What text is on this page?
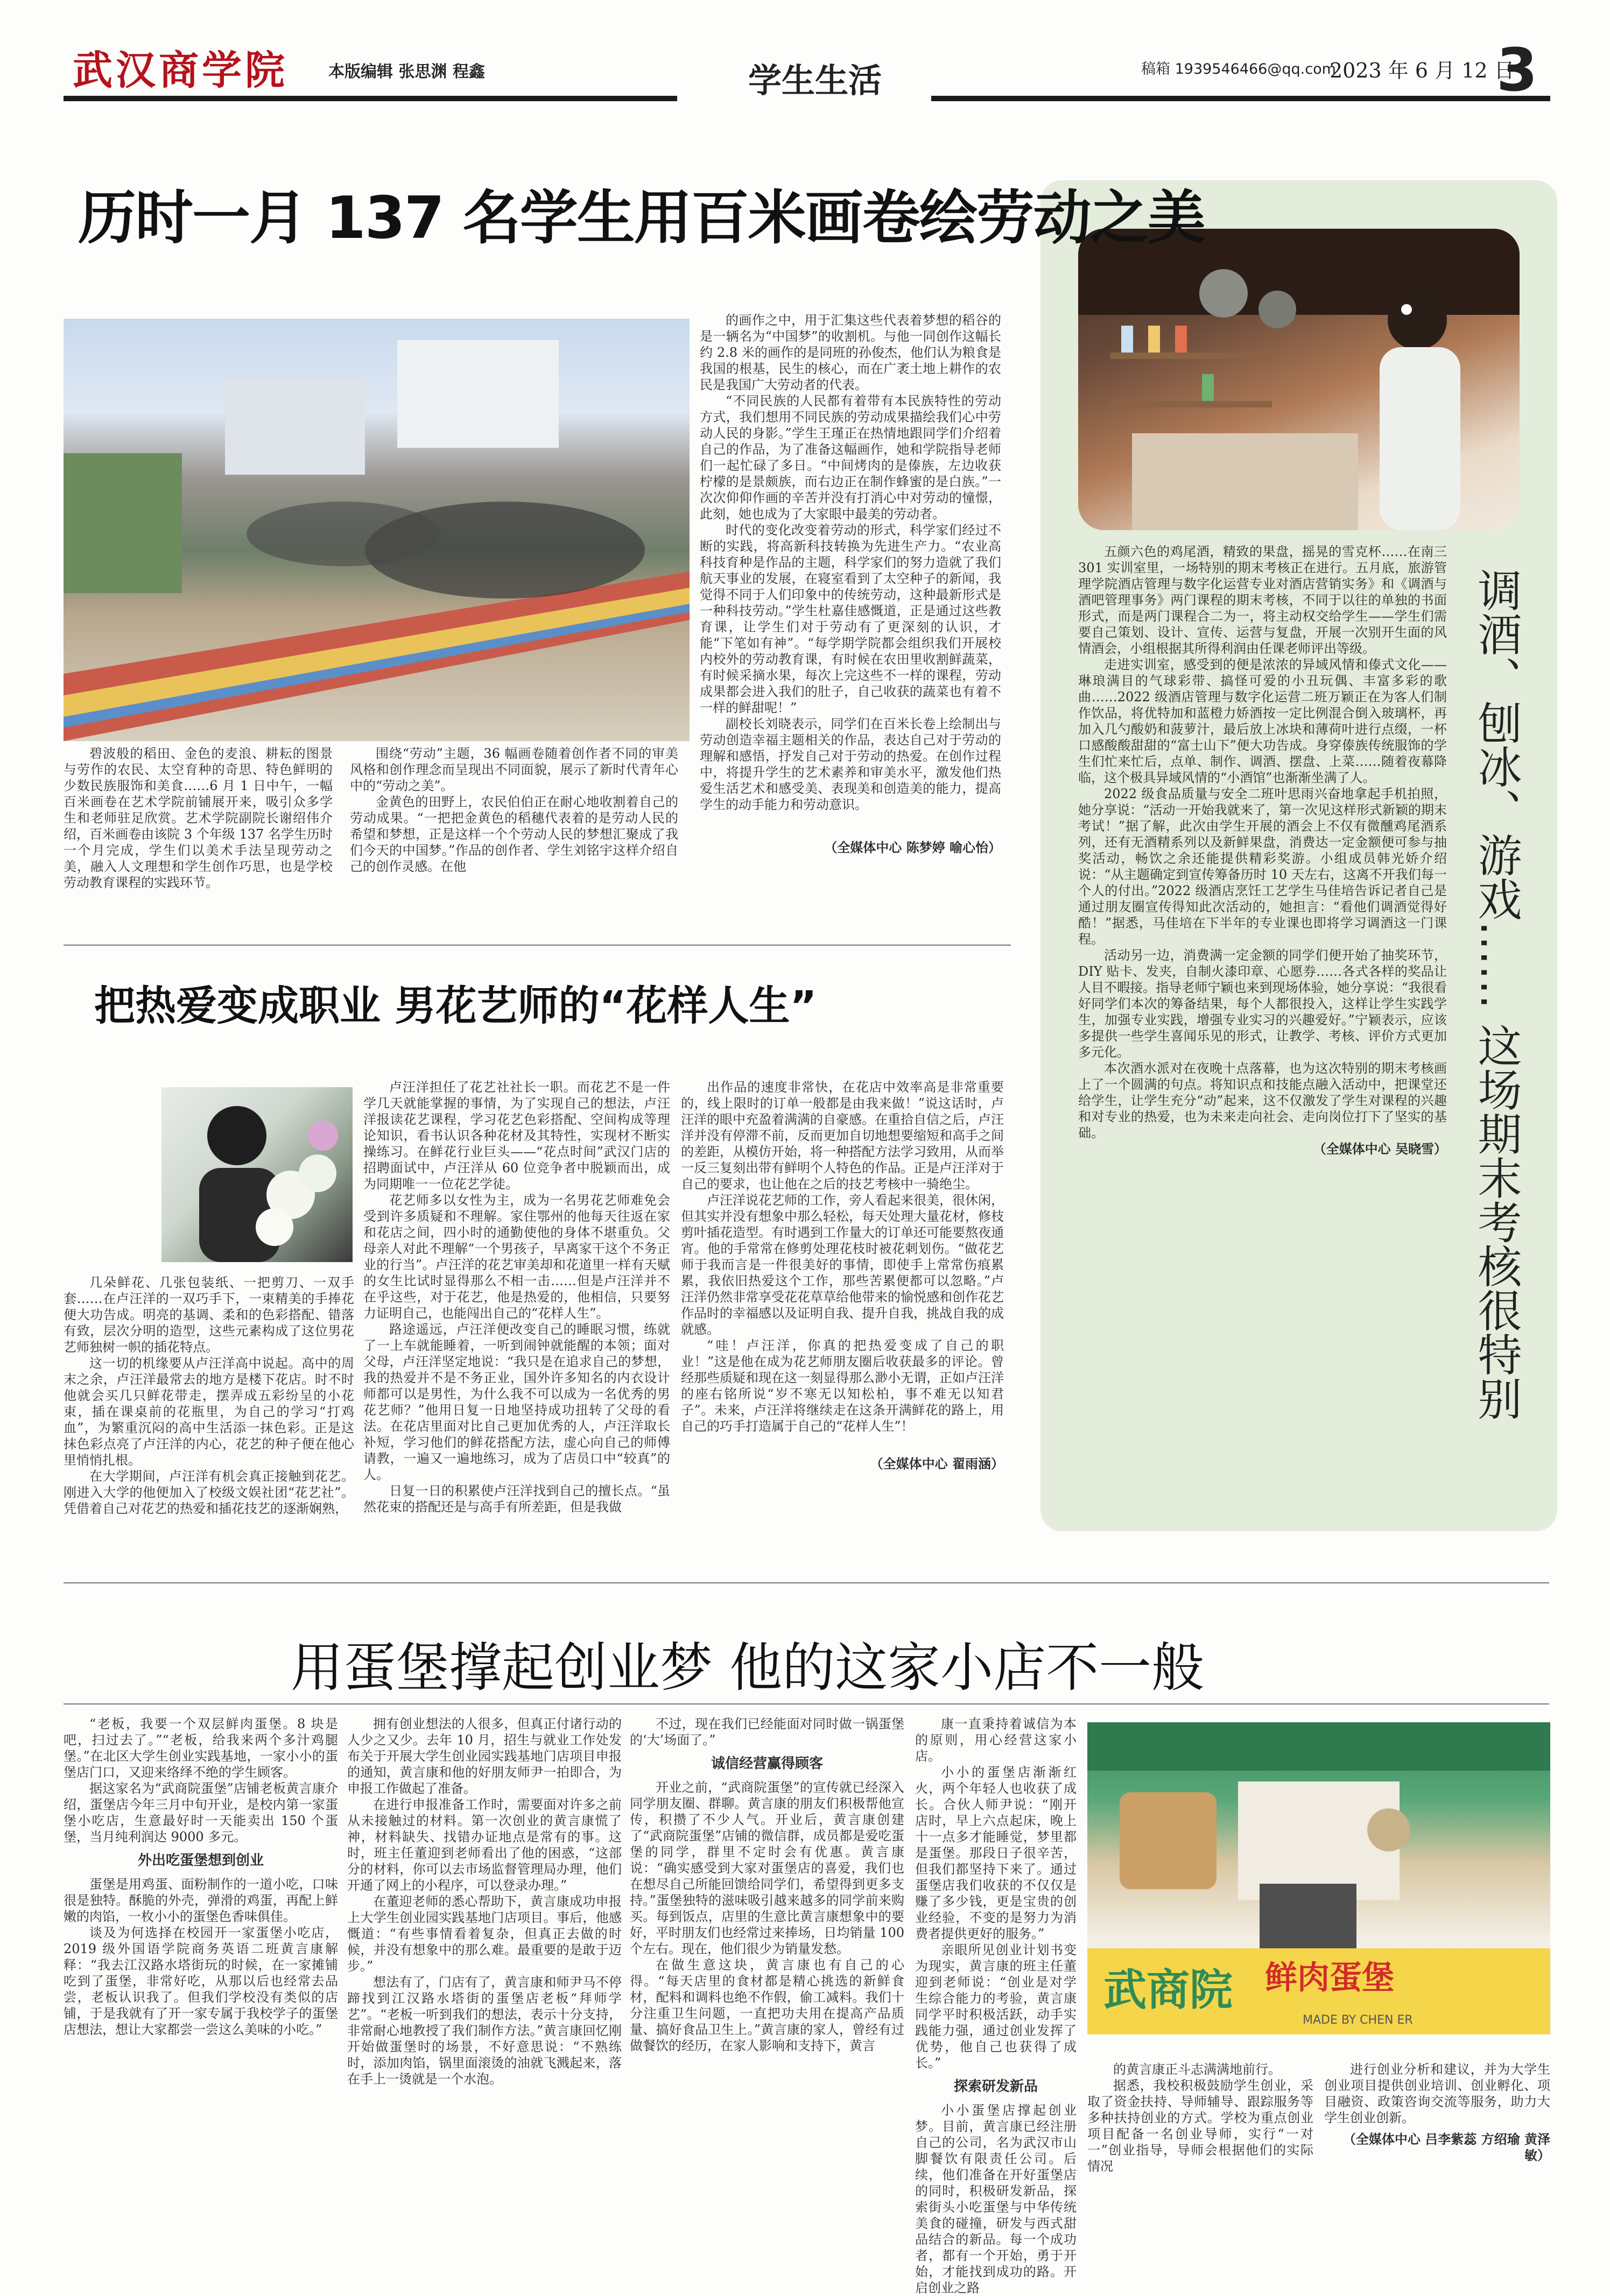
武汉商学院	本版编辑 张思渊 程鑫	学生生活	稿箱 1939546466@qq.com
2023 年 6 月 12 日
3
调酒、刨冰、游戏…… 这场期末考核很特别

五颜六色的鸡尾酒，精致的果盘，摇晃的雪克杯……在南三 301 实训室里，一场特别的期末考核正在进行。五月底，旅游管理学院酒店管理与数字化运营专业对酒店营销实务》和《调酒与酒吧管理事务》两门课程的期末考核，不同于以往的单独的书面形式，而是两门课程合二为一，将主动权交给学生——学生们需要自己策划、设计、宣传、运营与复盘，开展一次别开生面的风情酒会，小组根据其所得利润由任课老师评出等级。

走进实训室，感受到的便是浓浓的异域风情和傣式文化——琳琅满目的气球彩带、搞怪可爱的小丑玩偶、丰富多彩的歌曲……2022 级酒店管理与数字化运营二班万颖正在为客人们制作饮品，将优特加和蓝橙力娇酒按一定比例混合倒入玻璃杯，再加入几勺酸奶和菠萝汁，最后放上冰块和薄荷叶进行点缀，一杯口感酸酸甜甜的“富士山下”便大功告成。身穿傣族传统服饰的学生们忙来忙后，点单、制作、调酒、摆盘、上菜……随着夜幕降临，这个极具异域风情的“小酒馆”也渐渐坐满了人。

2022 级食品质量与安全二班叶思雨兴奋地拿起手机拍照，她分享说：“活动一开始我就来了，第一次见这样形式新颖的期末考试！”据了解，此次由学生开展的酒会上不仅有微醺鸡尾酒系列，还有无酒精系列以及新鲜果盘，消费达一定金额便可参与抽奖活动，畅饮之余还能提供精彩奖游。小组成员韩光娇介绍说：“从主题确定到宣传筹备历时 10 天左右，这离不开我们每一个人的付出。”2022 级酒店烹饪工艺学生马佳培告诉记者自己是通过朋友圈宣传得知此次活动的，她担言：“看他们调酒觉得好酷！”据悉，马佳培在下半年的专业课也即将学习调酒这一门课程。

活动另一边，消费满一定金额的同学们便开始了抽奖环节，DIY 贴卡、发夹，自制火漆印章、心愿券……各式各样的奖品让人目不暇接。指导老师宁颖也来到现场体验，她分享说：“我很看好同学们本次的筹备结果，每个人都很投入，这样让学生实践学生，加强专业实践，增强专业实习的兴趣爱好。”宁颖表示，应该多提供一些学生喜闻乐见的形式，让教学、考核、评价方式更加多元化。

本次酒水派对在夜晚十点落幕，也为这次特别的期末考核画上了一个圆满的句点。将知识点和技能点融入活动中，把课堂还给学生，让学生充分“动”起来，这不仅激发了学生对课程的兴趣和对专业的热爱，也为未来走向社会、走向岗位打下了坚实的基础。

（全媒体中心 吴晓雪）
历时一月 137 名学生用百米画卷绘劳动之美

碧波般的稻田、金色的麦浪、耕耘的图景与劳作的农民、太空育种的奇思、特色鲜明的少数民族服饰和美食……6 月 1 日中午，一幅百米画卷在艺术学院前铺展开来，吸引众多学生和老师驻足欣赏。艺术学院副院长谢绍伟介绍，百米画卷由该院 3 个年级 137 名学生历时一个月完成，学生们以美术手法呈现劳动之美，融入人文理想和学生创作巧思，也是学校劳动教育课程的实践环节。

围绕“劳动”主题，36 幅画卷随着创作者不同的审美风格和创作理念而呈现出不同面貌，展示了新时代青年心中的“劳动之美”。

金黄色的田野上，农民伯伯正在耐心地收割着自己的劳动成果。“一把把金黄色的稻穗代表着的是劳动人民的希望和梦想，正是这样一个个劳动人民的梦想汇聚成了我们今天的中国梦。”作品的创作者、学生刘铭宇这样介绍自己的创作灵感。在他

的画作之中，用于汇集这些代表着梦想的稻谷的是一辆名为“中国梦”的收割机。与他一同创作这幅长约 2.8 米的画作的是同班的孙俊杰，他们认为粮食是我国的根基，民生的核心，而在广袤土地上耕作的农民是我国广大劳动者的代表。

“不同民族的人民都有着带有本民族特性的劳动方式，我们想用不同民族的劳动成果描绘我们心中劳动人民的身影。”学生王瑾正在热情地跟同学们介绍着自己的作品，为了准备这幅画作，她和学院指导老师们一起忙碌了多日。“中间烤肉的是傣族，左边收获柠檬的是景颇族，而右边正在制作蜂蜜的是白族。”一次次仰仰作画的辛苦并没有打消心中对劳动的憧憬，此刻，她也成为了大家眼中最美的劳动者。

时代的变化改变着劳动的形式，科学家们经过不断的实践，将高新科技转换为先进生产力。“农业高科技育种是作品的主题，科学家们的努力造就了我们航天事业的发展，在寝室看到了太空种子的新闻，我觉得不同于人们印象中的传统劳动，这种最新形式是一种科技劳动。”学生杜嘉佳感慨道，正是通过这些教育课，让学生们对于劳动有了更深刻的认识，才能“下笔如有神”。“每学期学院都会组织我们开展校内校外的劳动教育课，有时候在农田里收割鲜蔬菜，有时候采摘水果，每次上完这些不一样的课程，劳动成果都会进入我们的肚子，自己收获的蔬菜也有着不一样的鲜甜呢！”

副校长刘晓表示，同学们在百米长卷上绘制出与劳动创造幸福主题相关的作品，表达自己对于劳动的理解和感悟，抒发自己对于劳动的热爱。在创作过程中，将提升学生的艺术素养和审美水平，激发他们热爱生活艺术和感受美、表现美和创造美的能力，提高学生的动手能力和劳动意识。

（全媒体中心 陈梦婷 喻心怡）
把热爱变成职业 男花艺师的“花样人生”

几朵鲜花、几张包装纸、一把剪刀、一双手套……在卢汪洋的一双巧手下，一束精美的手捧花便大功告成。明亮的基调、柔和的色彩搭配、错落有致，层次分明的造型，这些元素构成了这位男花艺师独树一帜的插花特点。

这一切的机缘要从卢汪洋高中说起。高中的周末之余，卢汪洋最常去的地方是楼下花店。时不时他就会买几只鲜花带走，摆弄成五彩纷呈的小花束，插在课桌前的花瓶里，为自己的学习“打鸡血”，为繁重沉闷的高中生活添一抹色彩。正是这抹色彩点亮了卢汪洋的内心，花艺的种子便在他心里悄悄扎根。

在大学期间，卢汪洋有机会真正接触到花艺。刚进入大学的他便加入了校级文娱社团“花艺社”。凭借着自己对花艺的热爱和插花技艺的逐渐娴熟，

卢汪洋担任了花艺社社长一职。而花艺不是一件学几天就能掌握的事情，为了实现自己的想法，卢汪洋报读花艺课程，学习花艺色彩搭配、空间构成等理论知识，看书认识各种花材及其特性，实现材不断实操练习。在鲜花行业巨头——“花点时间”武汉门店的招聘面试中，卢汪洋从 60 位竞争者中脱颖而出，成为同期唯一一位花艺学徒。

花艺师多以女性为主，成为一名男花艺师难免会受到许多质疑和不理解。家住鄂州的他每天往返在家和花店之间，四小时的通勤使他的身体不堪重负。父母亲人对此不理解“一个男孩子，早离家干这个不务正业的行当”。卢汪洋的花艺审美却和花道里一样有天赋的女生比试时显得那么不相一击……但是卢汪洋并不在乎这些，对于花艺，他是热爱的，他相信，只要努力证明自己，也能闯出自己的“花样人生”。

路途遥远，卢汪洋便改变自己的睡眠习惯，练就了一上车就能睡着，一听到闹钟就能醒的本领；面对父母，卢汪洋坚定地说：“我只是在追求自己的梦想，我的热爱并不是不务正业，国外许多知名的内衣设计师都可以是男性，为什么我不可以成为一名优秀的男花艺师？”他用日复一日地坚持成功扭转了父母的看法。在花店里面对比自己更加优秀的人，卢汪洋取长补短，学习他们的鲜花搭配方法，虚心向自己的师傅请教，一遍又一遍地练习，成为了店员口中“较真”的人。

日复一日的积累使卢汪洋找到自己的擅长点。“虽然花束的搭配还是与高手有所差距，但是我做

出作品的速度非常快，在花店中效率高是非常重要的，线上限时的订单一般都是由我来做！”说这话时，卢汪洋的眼中充盈着满满的自豪感。在重拾自信之后，卢汪洋并没有停滞不前，反而更加自切地想要缩短和高手之间的差距，从模仿开始，将一种搭配方法学习致用，从而举一反三复刻出带有鲜明个人特色的作品。正是卢汪洋对于自己的要求，也让他在之后的技艺考核中一骑绝尘。

卢汪洋说花艺师的工作，旁人看起来很美，很休闲，但其实并没有想象中那么轻松，每天处理大量花材，修枝剪叶插花造型。有时遇到工作量大的订单还可能要熬夜通宵。他的手常常在修剪处理花枝时被花刺划伤。“做花艺师于我而言是一件很美好的事情，即使手上常常伤痕累累，我依旧热爱这个工作，那些苦累便都可以忽略。”卢汪洋仍然非常享受花花草草给他带来的愉悦感和创作花艺作品时的幸福感以及证明自我、提升自我，挑战自我的成就感。

“哇！卢汪洋，你真的把热爱变成了自己的职业！”这是他在成为花艺师朋友圈后收获最多的评论。曾经那些质疑和现在这一刻显得那么渺小无谓，正如卢汪洋的座右铭所说“岁不寒无以知松柏，事不难无以知君子”。未来，卢汪洋将继续走在这条开满鲜花的路上，用自己的巧手打造属于自己的“花样人生”！

（全媒体中心 翟雨涵）
用蛋堡撑起创业梦 他的这家小店不一般

“老板，我要一个双层鲜肉蛋堡。8 块是吧，扫过去了。”“老板，给我来两个多汁鸡腿堡。”在北区大学生创业实践基地，一家小小的蛋堡店门口，又迎来络绎不绝的学生顾客。

据这家名为“武商院蛋堡”店铺老板黄言康介绍，蛋堡店今年三月中旬开业，是校内第一家蛋堡小吃店，生意最好时一天能卖出 150 个蛋堡，当月纯利润达 9000 多元。

外出吃蛋堡想到创业

蛋堡是用鸡蛋、面粉制作的一道小吃，口味很是独特。酥脆的外壳，弹滑的鸡蛋，再配上鲜嫩的肉馅，一枚小小的蛋堡色香味俱佳。

谈及为何选择在校园开一家蛋堡小吃店，2019 级外国语学院商务英语二班黄言康解释：“我去江汉路水塔街玩的时候，在一家摊铺吃到了蛋堡，非常好吃，从那以后也经常去品尝，老板认识我了。但我们学校没有类似的店铺，于是我就有了开一家专属于我校学子的蛋堡店想法，想让大家都尝一尝这么美味的小吃。”

拥有创业想法的人很多，但真正付诸行动的人少之又少。去年 10 月，招生与就业工作处发布关于开展大学生创业园实践基地门店项目申报的通知，黄言康和他的好朋友师尹一拍即合，为申报工作做起了准备。

在进行申报准备工作时，需要面对许多之前从未接触过的材料。第一次创业的黄言康慌了神，材料缺失、找错办证地点是常有的事。这时，班主任董迎到老师看出了他的困惑，“这部分的材料，你可以去市场监督管理局办理，他们开通了网上的小程序，可以登录办理。”

在董迎老师的悉心帮助下，黄言康成功申报上大学生创业园实践基地门店项目。事后，他感慨道：“有些事情看着复杂，但真正去做的时候，并没有想象中的那么难。最重要的是敢于迈步。”

想法有了，门店有了，黄言康和师尹马不停蹄找到江汉路水塔街的蛋堡店老板“拜师学艺”。“老板一听到我们的想法，表示十分支持，非常耐心地教授了我们制作方法。”黄言康回忆刚开始做蛋堡时的场景，不好意思说：“不熟练时，添加肉馅，锅里面滚烫的油就飞溅起来，落在手上一烫就是一个水泡。

不过，现在我们已经能面对同时做一锅蛋堡的‘大’场面了。”

诚信经营赢得顾客

开业之前，“武商院蛋堡”的宣传就已经深入同学朋友圈、群聊。黄言康的朋友们积极帮他宣传，积攒了不少人气。开业后，黄言康创建了“武商院蛋堡”店铺的微信群，成员都是爱吃蛋堡的同学，群里不定时会有优惠。黄言康说：“确实感受到大家对蛋堡店的喜爱，我们也在想尽自己所能回馈给同学们，希望得到更多支持。”蛋堡独特的滋味吸引越来越多的同学前来购买。每到饭点，店里的生意比黄言康想象中的要好，平时朋友们也经常过来捧场，日均销量 100 个左右。现在，他们很少为销量发愁。

在做生意这块，黄言康也有自己的心得。“每天店里的食材都是精心挑选的新鲜食材，配料和调料也绝不作假，偷工减料。我们十分注重卫生问题，一直把功夫用在提高产品质量、搞好食品卫生上。”黄言康的家人，曾经有过做餐饮的经历，在家人影响和支持下，黄言

康一直秉持着诚信为本的原则，用心经营这家小店。

小小的蛋堡店渐渐红火，两个年轻人也收获了成长。合伙人师尹说：“刚开店时，早上六点起床，晚上十一点多才能睡觉，梦里都是蛋堡。那段日子很辛苦，但我们都坚持下来了。通过蛋堡店我们收获的不仅仅是赚了多少钱，更是宝贵的创业经验，不变的是努力为消费者提供更好的服务。”

亲眼所见创业计划书变为现实，黄言康的班主任董迎到老师说：“创业是对学生综合能力的考验，黄言康同学平时积极活跃，动手实践能力强，通过创业发挥了优势，他自己也获得了成长。”

探索研发新品

小小蛋堡店撑起创业梦。目前，黄言康已经注册自己的公司，名为武汉市山脚餐饮有限责任公司。后续，他们准备在开好蛋堡店的同时，积极研发新品，探索街头小吃蛋堡与中华传统美食的碰撞，研发与西式甜品结合的新品。每一个成功者，都有一个开始，勇于开始，才能找到成功的路。开启创业之路

武商院 鲜肉蛋堡
MADE BY CHEN ER

的黄言康正斗志满满地前行。

据悉，我校积极鼓励学生创业，采取了资金扶持、导师辅导、跟踪服务等多种扶持创业的方式。学校为重点创业项目配备一名创业导师，实行“一对一”创业指导，导师会根据他们的实际情况

进行创业分析和建议，并为大学生创业项目提供创业培训、创业孵化、项目融资、政策咨询交流等服务，助力大学生创业创新。

（全媒体中心 吕李紫蕊 方绍瑜 黄泽敏）
